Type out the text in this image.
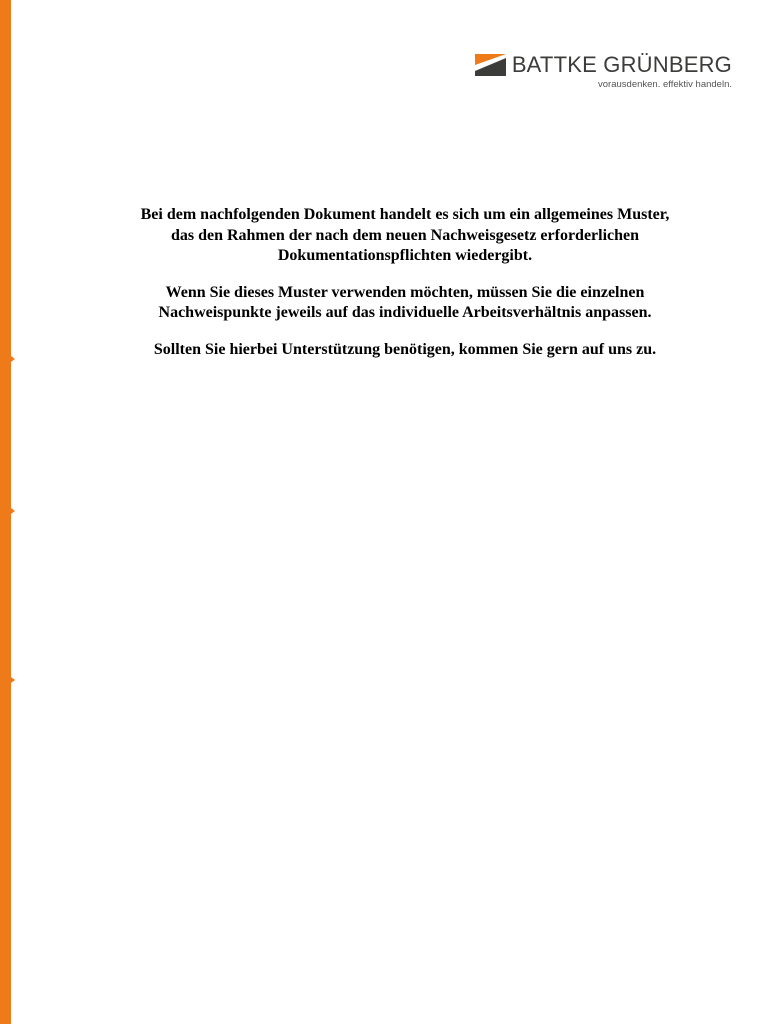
BATTKE GRÜNBERG
vorausdenken. effektiv handeln.

Bei dem nachfolgenden Dokument handelt es sich um ein allgemeines Muster,
das den Rahmen der nach dem neuen Nachweisgesetz erforderlichen
Dokumentationspflichten wiedergibt.

Wenn Sie dieses Muster verwenden möchten, müssen Sie die einzelnen
Nachweispunkte jeweils auf das individuelle Arbeitsverhältnis anpassen.

Sollten Sie hierbei Unterstützung benötigen, kommen Sie gern auf uns zu.
